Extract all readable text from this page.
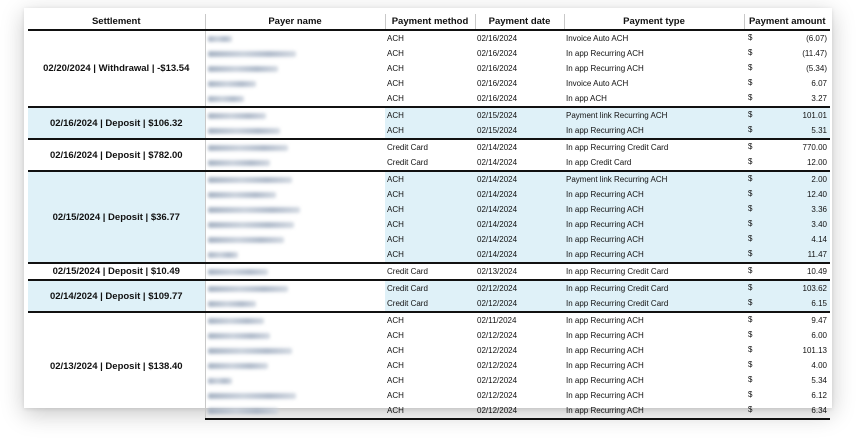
Settlement	Payer name	Payment method	Payment date	Payment type	Payment amount
02/20/2024 | Withdrawal | -$13.54		ACH	02/16/2024	Invoice Auto ACH	$ (6.07)
		ACH	02/16/2024	In app Recurring ACH	$ (11.47)
		ACH	02/16/2024	In app Recurring ACH	$ (5.34)
		ACH	02/16/2024	Invoice Auto ACH	$ 6.07
		ACH	02/16/2024	In app ACH	$ 3.27
02/16/2024 | Deposit | $106.32		ACH	02/15/2024	Payment link Recurring ACH	$ 101.01
		ACH	02/15/2024	In app Recurring ACH	$ 5.31
02/16/2024 | Deposit | $782.00		Credit Card	02/14/2024	In app Recurring Credit Card	$ 770.00
		Credit Card	02/14/2024	In app Credit Card	$ 12.00
02/15/2024 | Deposit | $36.77		ACH	02/14/2024	Payment link Recurring ACH	$ 2.00
		ACH	02/14/2024	In app Recurring ACH	$ 12.40
		ACH	02/14/2024	In app Recurring ACH	$ 3.36
		ACH	02/14/2024	In app Recurring ACH	$ 3.40
		ACH	02/14/2024	In app Recurring ACH	$ 4.14
		ACH	02/14/2024	In app Recurring ACH	$ 11.47
02/15/2024 | Deposit | $10.49		Credit Card	02/13/2024	In app Recurring Credit Card	$ 10.49
02/14/2024 | Deposit | $109.77		Credit Card	02/12/2024	In app Recurring Credit Card	$ 103.62
		Credit Card	02/12/2024	In app Recurring Credit Card	$ 6.15
02/13/2024 | Deposit | $138.40		ACH	02/11/2024	In app Recurring ACH	$ 9.47
		ACH	02/12/2024	In app Recurring ACH	$ 6.00
		ACH	02/12/2024	In app Recurring ACH	$ 101.13
		ACH	02/12/2024	In app Recurring ACH	$ 4.00
		ACH	02/12/2024	In app Recurring ACH	$ 5.34
		ACH	02/12/2024	In app Recurring ACH	$ 6.12
		ACH	02/12/2024	In app Recurring ACH	$ 6.34
